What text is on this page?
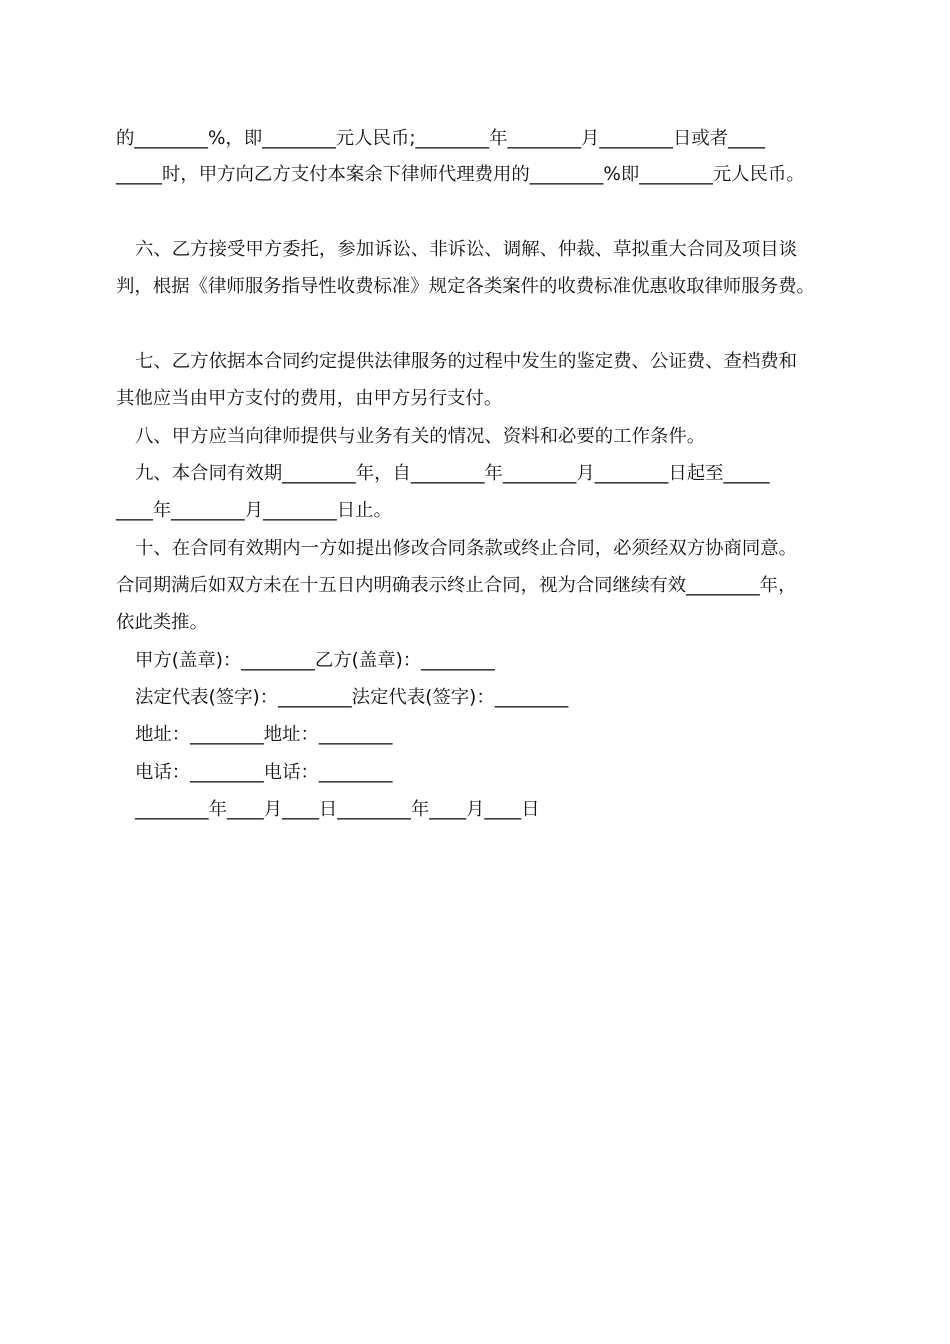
的________%，即________元人民币;________年________月________日或者____
_____时，甲方向乙方支付本案余下律师代理费用的________%即________元人民币。
六、乙方接受甲方委托，参加诉讼、非诉讼、调解、仲裁、草拟重大合同及项目谈
判，根据《律师服务指导性收费标准》规定各类案件的收费标准优惠收取律师服务费。
七、乙方依据本合同约定提供法律服务的过程中发生的鉴定费、公证费、查档费和
其他应当由甲方支付的费用，由甲方另行支付。
八、甲方应当向律师提供与业务有关的情况、资料和必要的工作条件。
九、本合同有效期________年，自________年________月________日起至_____
____年________月________日止。
十、在合同有效期内一方如提出修改合同条款或终止合同，必须经双方协商同意。
合同期满后如双方未在十五日内明确表示终止合同，视为合同继续有效________年，
依此类推。
甲方(盖章)：________乙方(盖章)：________
法定代表(签字)：________法定代表(签字)：________
地址：________地址：________
电话：________电话：________
________年____月____日________年____月____日
